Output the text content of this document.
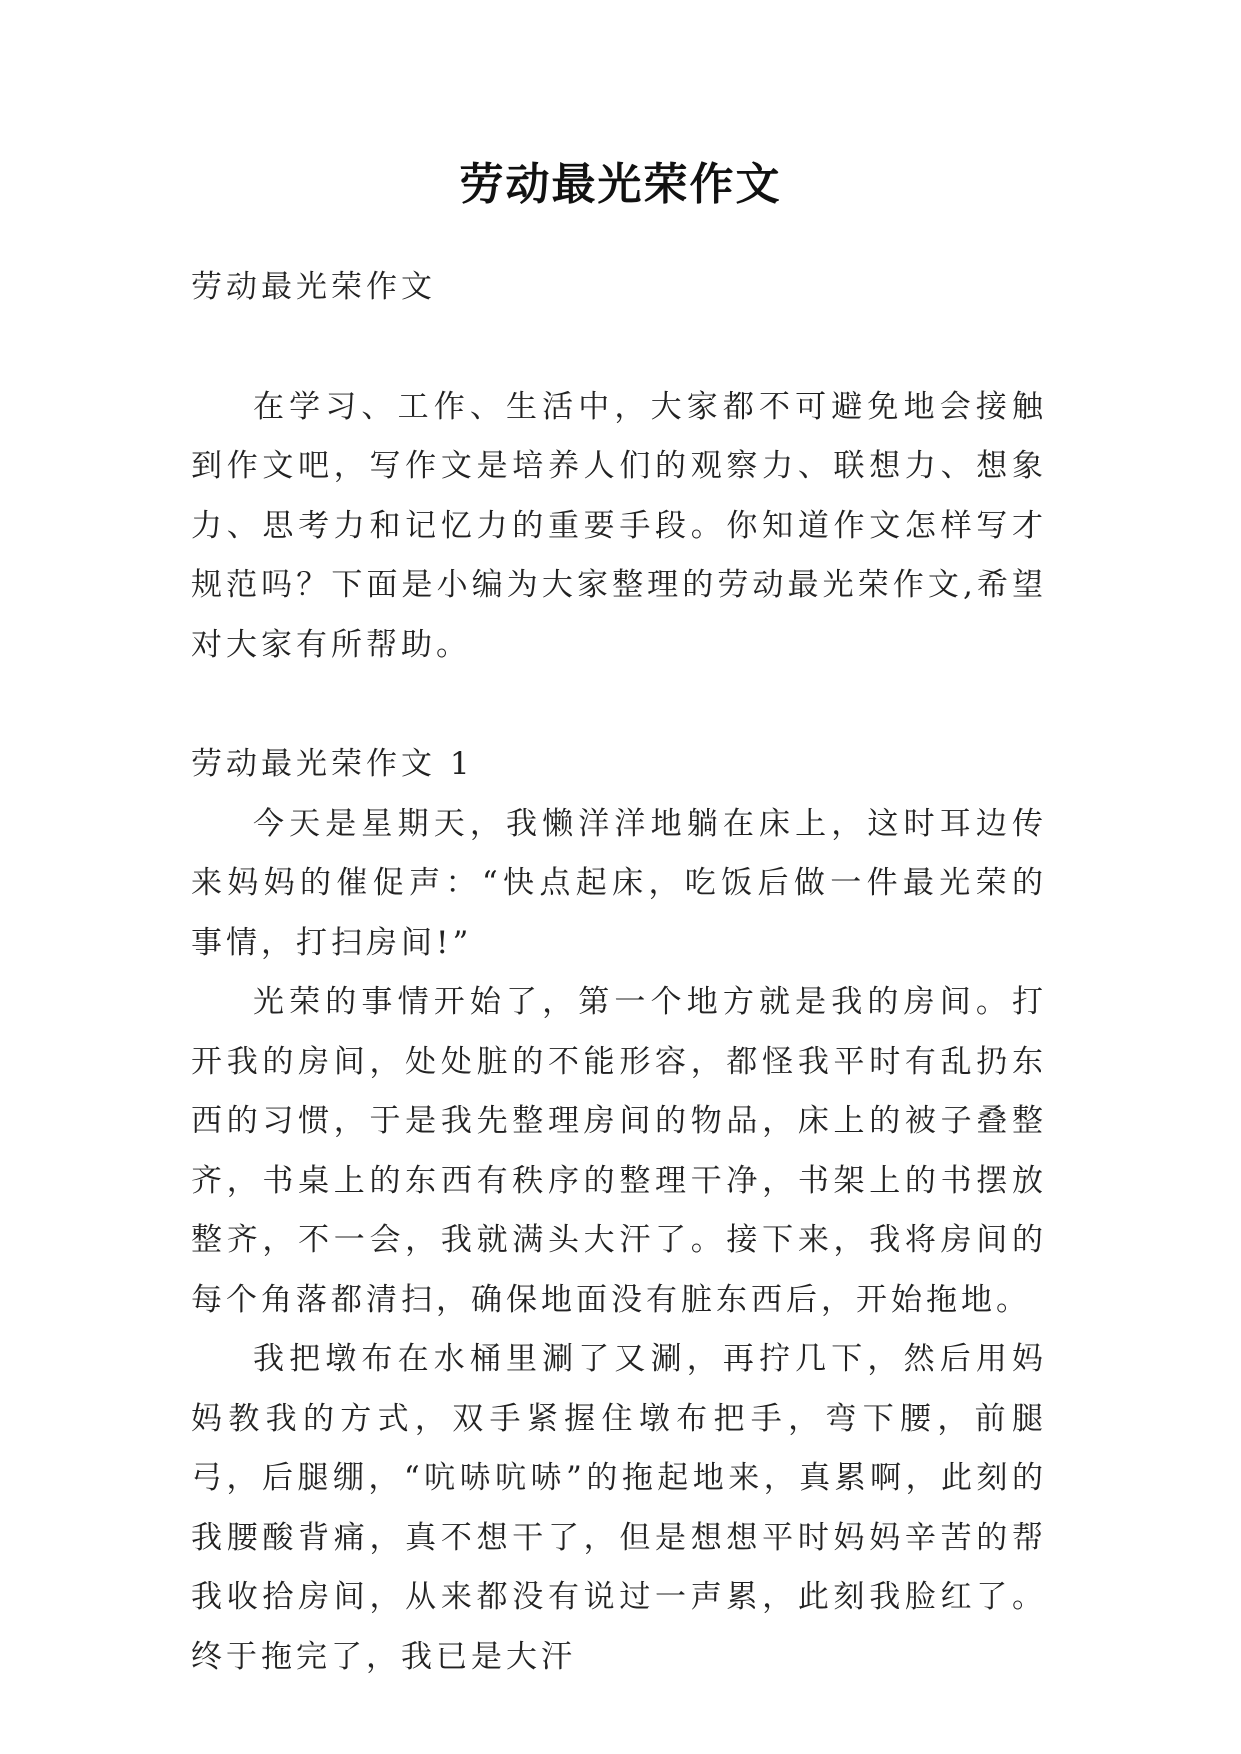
劳动最光荣作文

劳动最光荣作文

在学习、工作、生活中，大家都不可避免地会接触到作文吧，写作文是培养人们的观察力、联想力、想象力、思考力和记忆力的重要手段。你知道作文怎样写才规范吗？下面是小编为大家整理的劳动最光荣作文,希望对大家有所帮助。

劳动最光荣作文 1

今天是星期天，我懒洋洋地躺在床上，这时耳边传来妈妈的催促声：“快点起床，吃饭后做一件最光荣的事情，打扫房间!”

光荣的事情开始了，第一个地方就是我的房间。打开我的房间，处处脏的不能形容，都怪我平时有乱扔东西的习惯，于是我先整理房间的物品，床上的被子叠整齐，书桌上的东西有秩序的整理干净，书架上的书摆放整齐，不一会，我就满头大汗了。接下来，我将房间的每个角落都清扫，确保地面没有脏东西后，开始拖地。

我把墩布在水桶里涮了又涮，再拧几下，然后用妈妈教我的方式，双手紧握住墩布把手，弯下腰，前腿弓，后腿绷，“吭哧吭哧”的拖起地来，真累啊，此刻的我腰酸背痛，真不想干了，但是想想平时妈妈辛苦的帮我收拾房间，从来都没有说过一声累，此刻我脸红了。终于拖完了，我已是大汗
